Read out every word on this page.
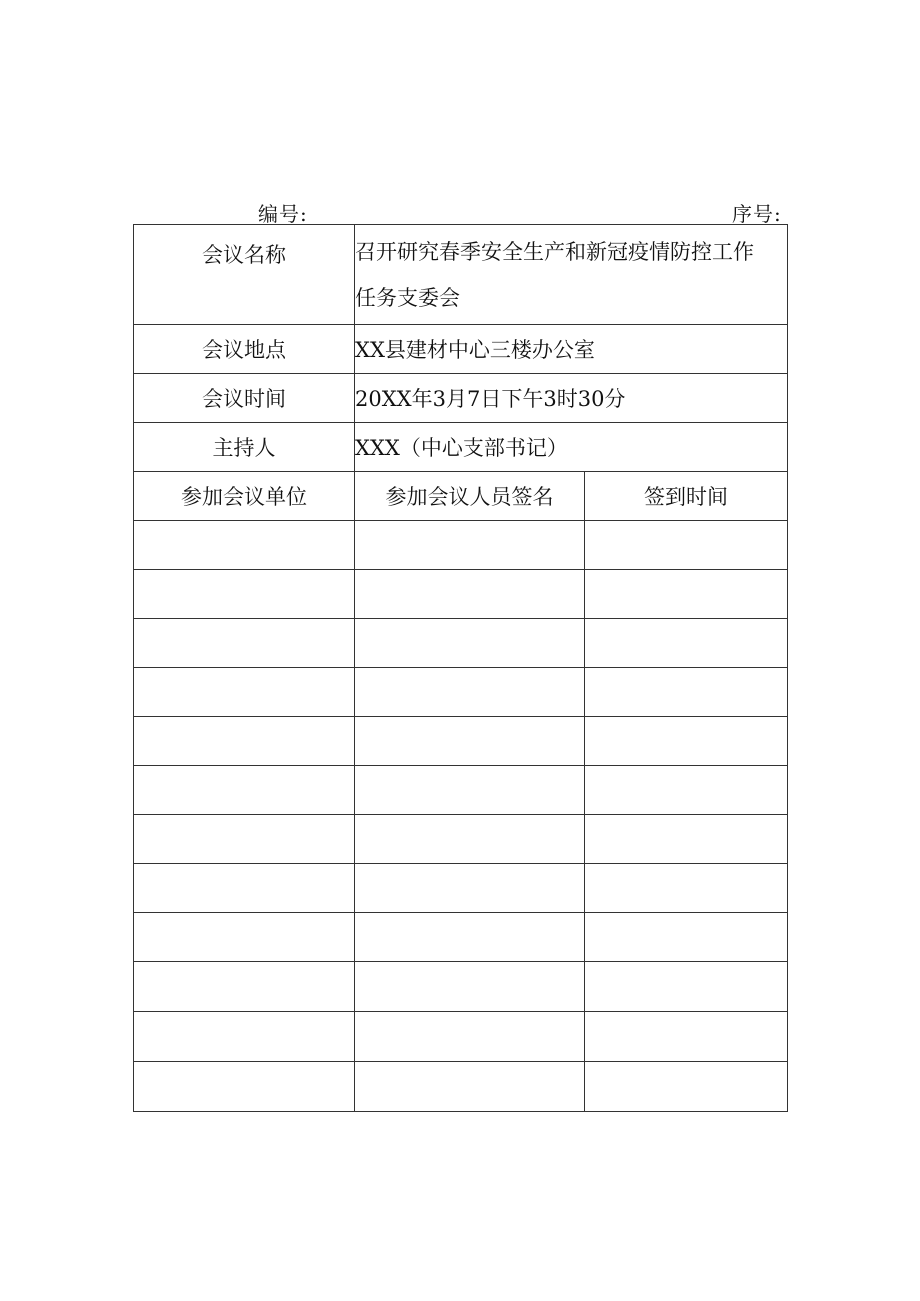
编号:	序号:
会议名称	召开研究春季安全生产和新冠疫情防控工作
任务支委会	

会议地点	XX县建材中心三楼办公室	
会议时间	20XX年3月7日下午3时30分	
主持人	XXX（中心支部书记）	
参加会议单位	参加会议人员签名	签到时间
